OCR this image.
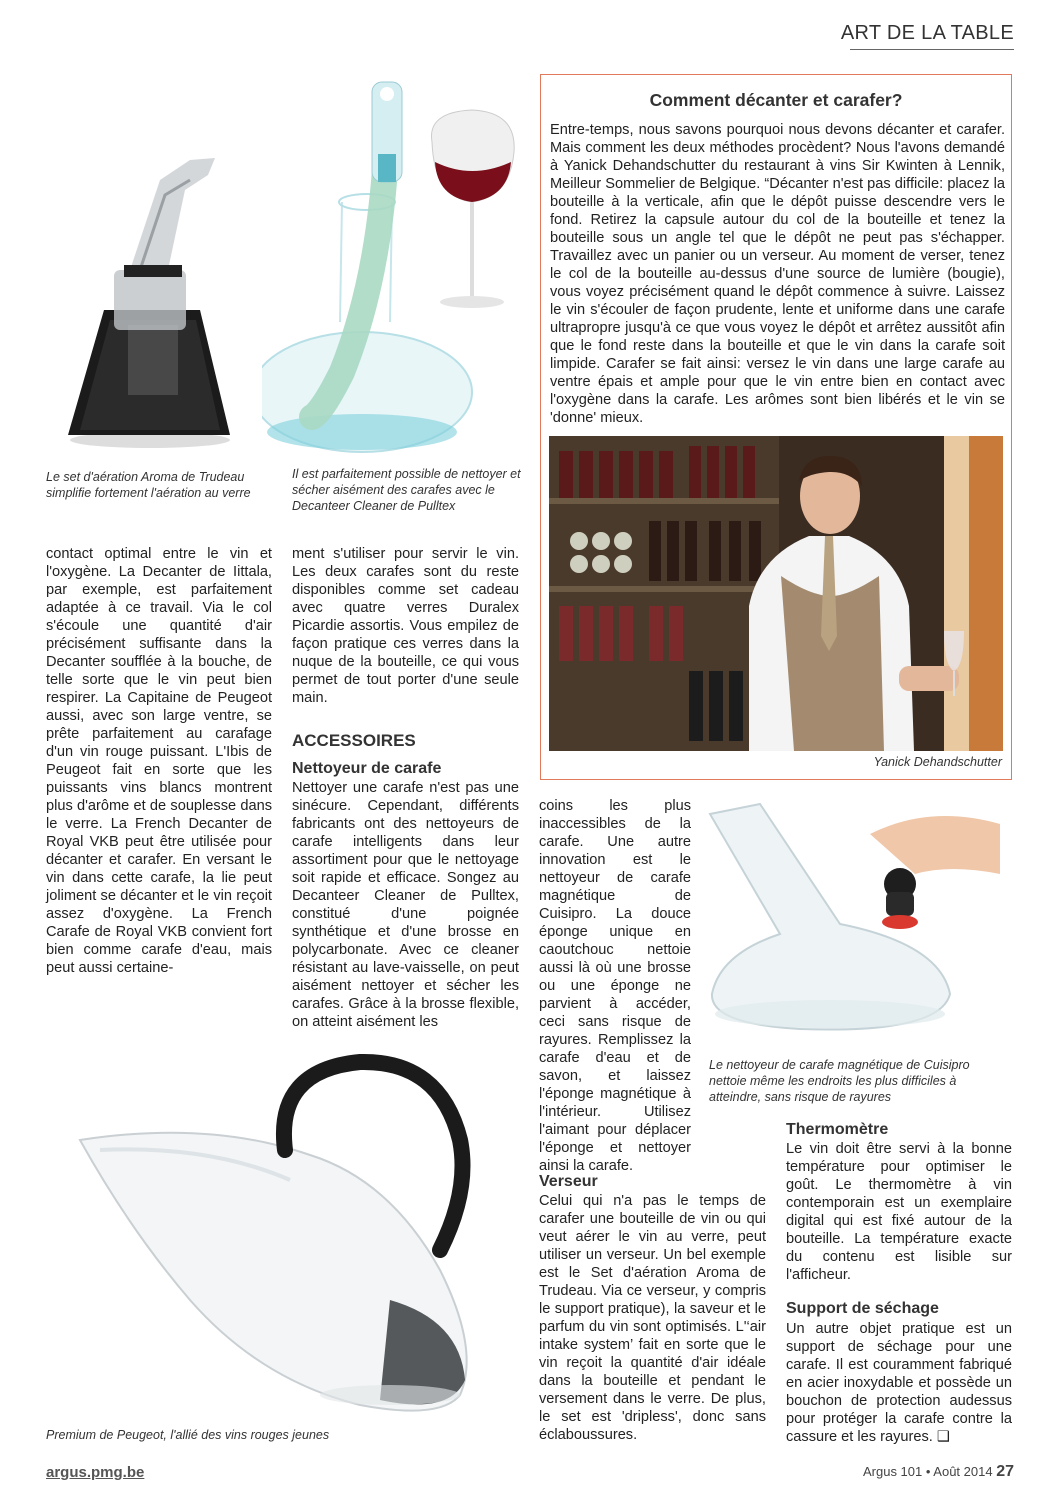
ART DE LA TABLE
Le set d'aération Aroma de Trudeau simplifie fortement l'aération au verre
Il est parfaitement possible de nettoyer et sécher aisément des carafes avec le Decanteer Cleaner de Pulltex
Comment décanter et carafer?
Entre-temps, nous savons pourquoi nous devons décanter et carafer. Mais comment les deux méthodes procèdent? Nous l'avons demandé à Yanick Dehandschutter du restaurant à vins Sir Kwinten à Lennik, Meilleur Sommelier de Belgique. “Décanter n'est pas difficile: placez la bouteille à la verticale, afin que le dépôt puisse descendre vers le fond. Retirez la capsule autour du col de la bouteille et tenez la bouteille sous un angle tel que le dépôt ne peut pas s'échapper. Travaillez avec un panier ou un verseur. Au moment de verser, tenez le col de la bouteille au-dessus d'une source de lumière (bougie), vous voyez précisément quand le dépôt commence à suivre. Laissez le vin s'écouler de façon prudente, lente et uniforme dans une carafe ultrapropre jusqu'à ce que vous voyez le dépôt et arrêtez aussitôt afin que le fond reste dans la bouteille et que le vin dans la carafe soit limpide. Carafer se fait ainsi: versez le vin dans une large carafe au ventre épais et ample pour que le vin entre bien en contact avec l'oxygène dans la carafe. Les arômes sont bien libérés et le vin se 'donne' mieux.
Yanick Dehandschutter
contact optimal entre le vin et l'oxygène. La Decanter de Iittala, par exemple, est parfaitement adaptée à ce travail. Via le col s'écoule une quantité d'air précisément suffisante dans la Decanter soufflée à la bouche, de telle sorte que le vin peut bien respirer. La Capitaine de Peugeot aussi, avec son large ventre, se prête parfaitement au carafage d'un vin rouge puissant. L'Ibis de Peugeot fait en sorte que les puissants vins blancs montrent plus d'arôme et de souplesse dans le verre. La French Decanter de Royal VKB peut être utilisée pour décanter et carafer. En versant le vin dans cette carafe, la lie peut joliment se décanter et le vin reçoit assez d'oxygène. La French Carafe de Royal VKB convient fort bien comme carafe d'eau, mais peut aussi certaine-
ment s'utiliser pour servir le vin. Les deux carafes sont du reste disponibles comme set cadeau avec quatre verres Duralex Picardie assortis. Vous empilez de façon pratique ces verres dans la nuque de la bouteille, ce qui vous permet de tout porter d'une seule main.
ACCESSOIRES
Nettoyeur de carafe
Nettoyer une carafe n'est pas une sinécure. Cependant, différents fabricants ont des nettoyeurs de carafe intelligents dans leur assortiment pour que le nettoyage soit rapide et efficace. Songez au Decanteer Cleaner de Pulltex, constitué d'une poignée synthétique et d'une brosse en polycarbonate. Avec ce cleaner résistant au lave-vaisselle, on peut aisément nettoyer et sécher les carafes. Grâce à la brosse flexible, on atteint aisément les
coins les plus inaccessibles de la carafe. Une autre innovation est le nettoyeur de carafe magnétique de Cuisipro. La douce éponge unique en caoutchouc nettoie aussi là où une brosse ou une éponge ne parvient à accéder, ceci sans risque de rayures. Remplissez la carafe d'eau et de savon, et laissez l'éponge magnétique à l'intérieur. Utilisez l'aimant pour déplacer l'éponge et nettoyer ainsi la carafe.
Le nettoyeur de carafe magnétique de Cuisipro nettoie même les endroits les plus difficiles à atteindre, sans risque de rayures
Verseur
Celui qui n'a pas le temps de carafer une bouteille de vin ou qui veut aérer le vin au verre, peut utiliser un verseur. Un bel exemple est le Set d'aération Aroma de Trudeau. Via ce verseur, y compris le support pratique), la saveur et le parfum du vin sont optimisés. L'‘air intake system’ fait en sorte que le vin reçoit la quantité d'air idéale dans la bouteille et pendant le versement dans le verre. De plus, le set est 'dripless', donc sans éclaboussures.
Thermomètre
Le vin doit être servi à la bonne température pour optimiser le goût. Le thermomètre à vin contemporain est un exemplaire digital qui est fixé autour de la bouteille. La température exacte du contenu est lisible sur l'afficheur.
Support de séchage
Un autre objet pratique est un support de séchage pour une carafe. Il est couramment fabriqué en acier inoxydable et possède un bouchon de protection audessus pour protéger la carafe contre la cassure et les rayures. ❑
Premium de Peugeot, l'allié des vins rouges jeunes
argus.pmg.be	Argus 101 • Août 2014 27
